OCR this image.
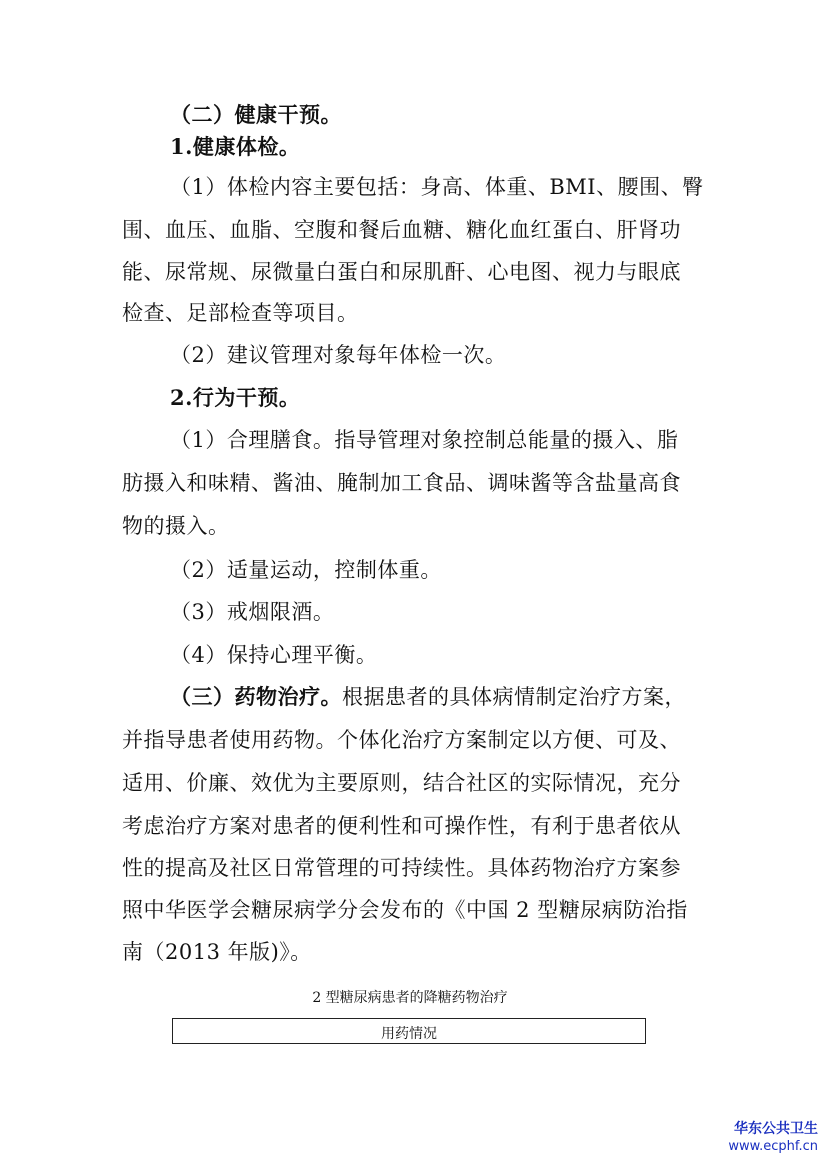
（二）健康干预。
1.健康体检。
（1）体检内容主要包括：身高、体重、BMI、腰围、臀
围、血压、血脂、空腹和餐后血糖、糖化血红蛋白、肝肾功
能、尿常规、尿微量白蛋白和尿肌酐、心电图、视力与眼底
检查、足部检查等项目。
（2）建议管理对象每年体检一次。
2.行为干预。
（1）合理膳食。指导管理对象控制总能量的摄入、脂
肪摄入和味精、酱油、腌制加工食品、调味酱等含盐量高食
物的摄入。
（2）适量运动，控制体重。
（3）戒烟限酒。
（4）保持心理平衡。
（三）药物治疗。根据患者的具体病情制定治疗方案，
并指导患者使用药物。个体化治疗方案制定以方便、可及、
适用、价廉、效优为主要原则，结合社区的实际情况，充分
考虑治疗方案对患者的便利性和可操作性，有利于患者依从
性的提高及社区日常管理的可持续性。具体药物治疗方案参
照中华医学会糖尿病学分会发布的《中国 2 型糖尿病防治指
南（2013 年版)》。
2 型糖尿病患者的降糖药物治疗
用药情况
华东公共卫生
www.ecphf.cn
